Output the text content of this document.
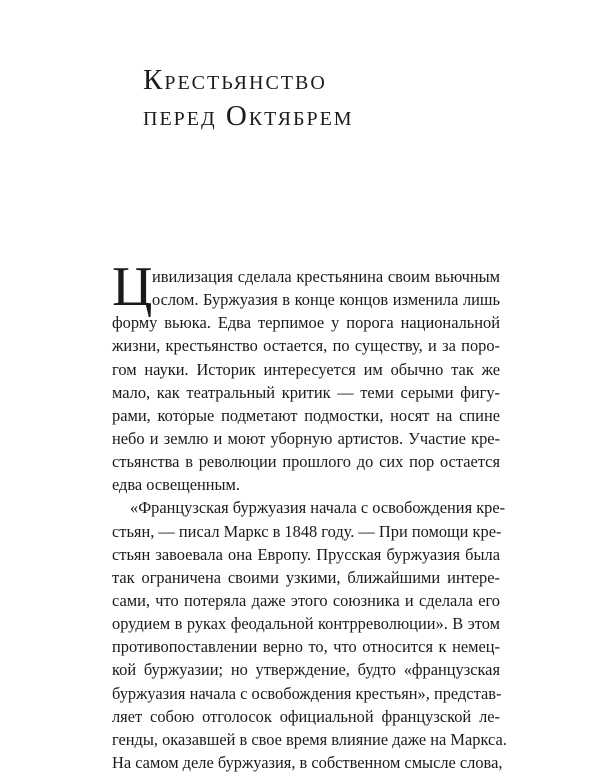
Крестьянство
перед Октябрем
Ц ивилизация сделала крестьянина своим вьючным
ослом. Буржуазия в конце концов изменила лишь
форму вьюка. Едва терпимое у порога национальной
жизни, крестьянство остается, по существу, и за поро-
гом науки. Историк интересуется им обычно так же
мало, как театральный критик — теми серыми фигу-
рами, которые подметают подмостки, носят на спине
небо и землю и моют уборную артистов. Участие кре-
стьянства в революции прошлого до сих пор остается
едва освещенным.
«Французская буржуазия начала с освобождения кре-
стьян, — писал Маркс в 1848 году. — При помощи кре-
стьян завоевала она Европу. Прусская буржуазия была
так ограничена своими узкими, ближайшими интере-
сами, что потеряла даже этого союзника и сделала его
орудием в руках феодальной контрреволюции». В этом
противопоставлении верно то, что относится к немец-
кой буржуазии; но утверждение, будто «французская
буржуазия начала с освобождения крестьян», представ-
ляет собою отголосок официальной французской ле-
генды, оказавшей в свое время влияние даже на Маркса.
На самом деле буржуазия, в собственном смысле слова,
